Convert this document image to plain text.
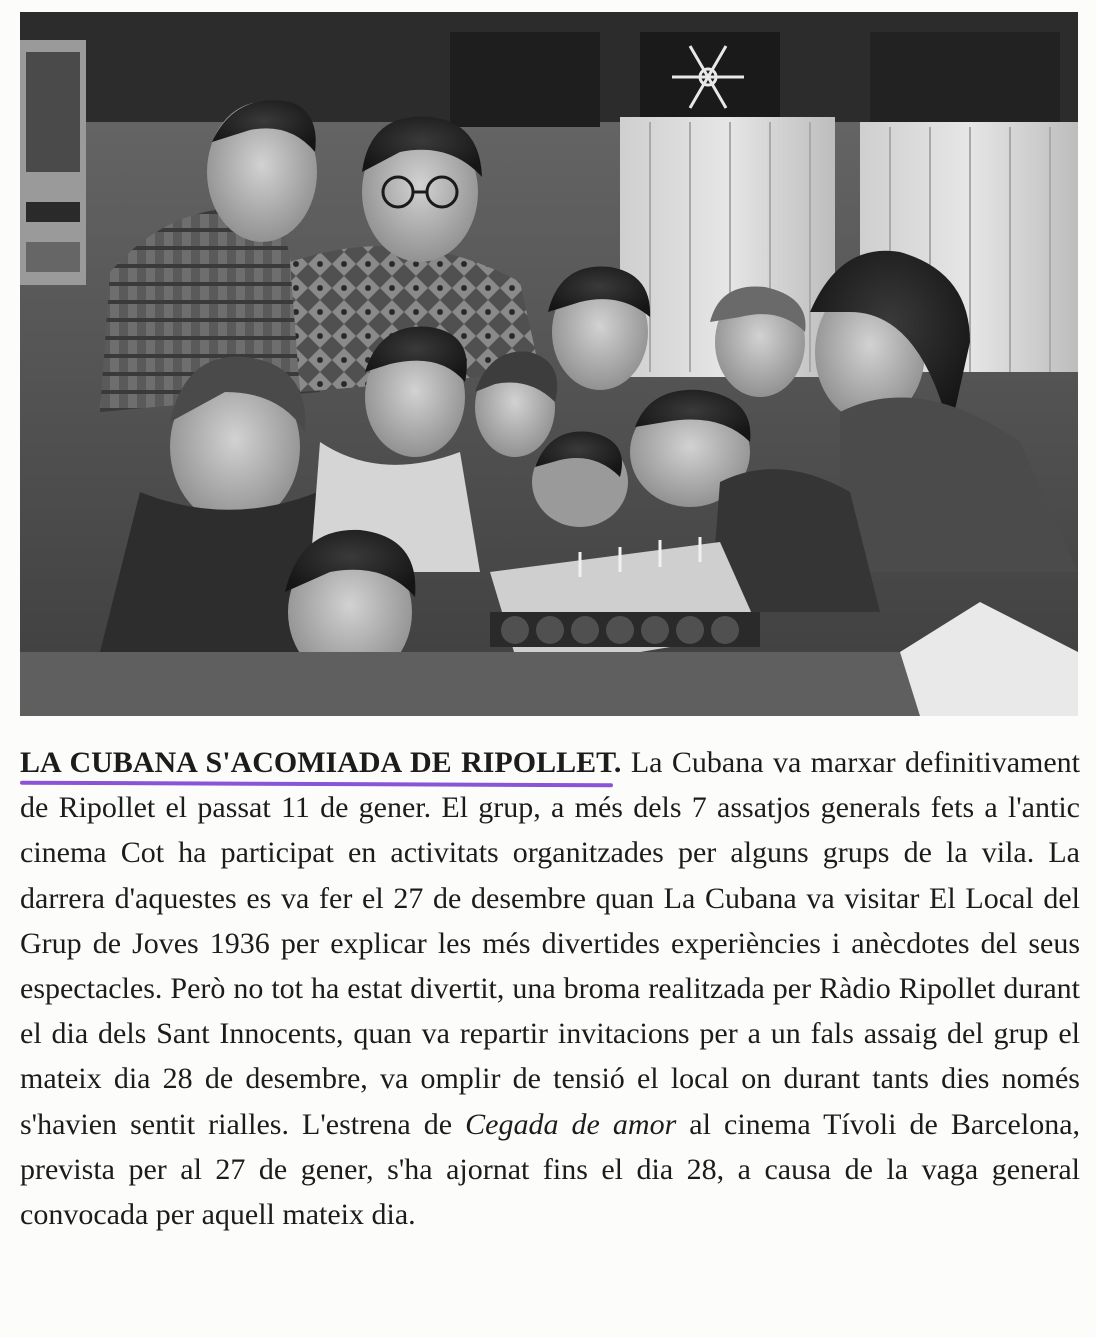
LA CUBANA S'ACOMIADA DE RIPOLLET.
La Cubana va marxar definitivament de Ripollet el passat 11 de gener. El grup, a més dels 7 assatjos generals fets a l'antic cinema Cot ha participat en activitats organitzades per alguns grups de la vila. La darrera d'aquestes es va fer el 27 de desembre quan La Cubana va visitar El Local del Grup de Joves 1936 per explicar les més divertides experiències i anècdotes del seus espectacles. Però no tot ha estat divertit, una broma realitzada per Ràdio Ripollet durant el dia dels Sant Innocents, quan va repartir invitacions per a un fals assaig del grup el mateix dia 28 de desembre, va omplir de tensió el local on durant tants dies només s'havien sentit rialles. L'estrena de Cegada de amor al cinema Tívoli de Barcelona, prevista per al 27 de gener, s'ha ajornat fins el dia 28, a causa de la vaga general convocada per aquell mateix dia.
